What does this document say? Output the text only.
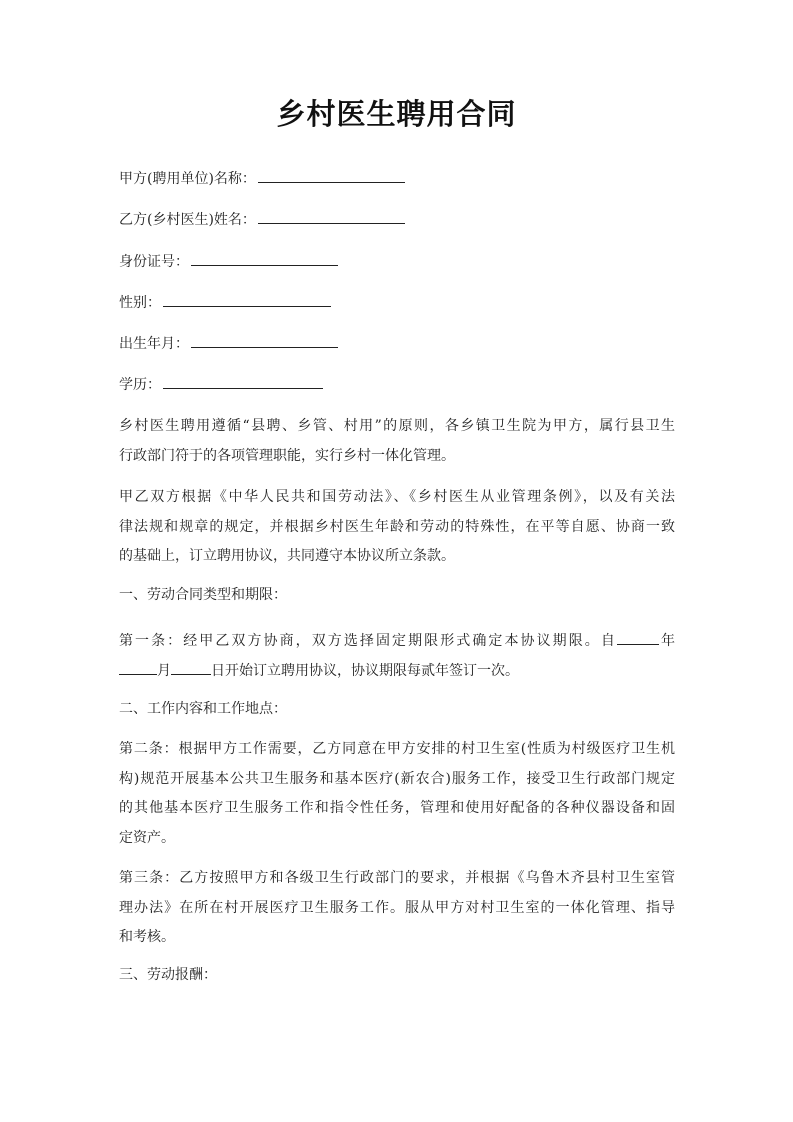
乡村医生聘用合同
甲方(聘用单位)名称：
乙方(乡村医生)姓名：
身份证号：
性别：
出生年月：
学历：
乡村医生聘用遵循“县聘、乡管、村用”的原则，各乡镇卫生院为甲方，属行县卫生
行政部门符于的各项管理职能，实行乡村一体化管理。
甲乙双方根据《中华人民共和国劳动法》、《乡村医生从业管理条例》，以及有关法
律法规和规章的规定，并根据乡村医生年龄和劳动的特殊性，在平等自愿、协商一致
的基础上，订立聘用协议，共同遵守本协议所立条款。
一、劳动合同类型和期限：
第一条：经甲乙双方协商，双方选择固定期限形式确定本协议期限。自	年
月	日开始订立聘用协议，协议期限每贰年签订一次。
二、工作内容和工作地点：
第二条：根据甲方工作需要，乙方同意在甲方安排的村卫生室(性质为村级医疗卫生机
构)规范开展基本公共卫生服务和基本医疗(新农合)服务工作，接受卫生行政部门规定
的其他基本医疗卫生服务工作和指令性任务，管理和使用好配备的各种仪器设备和固
定资产。
第三条：乙方按照甲方和各级卫生行政部门的要求，并根据《乌鲁木齐县村卫生室管
理办法》在所在村开展医疗卫生服务工作。服从甲方对村卫生室的一体化管理、指导
和考核。
三、劳动报酬：
